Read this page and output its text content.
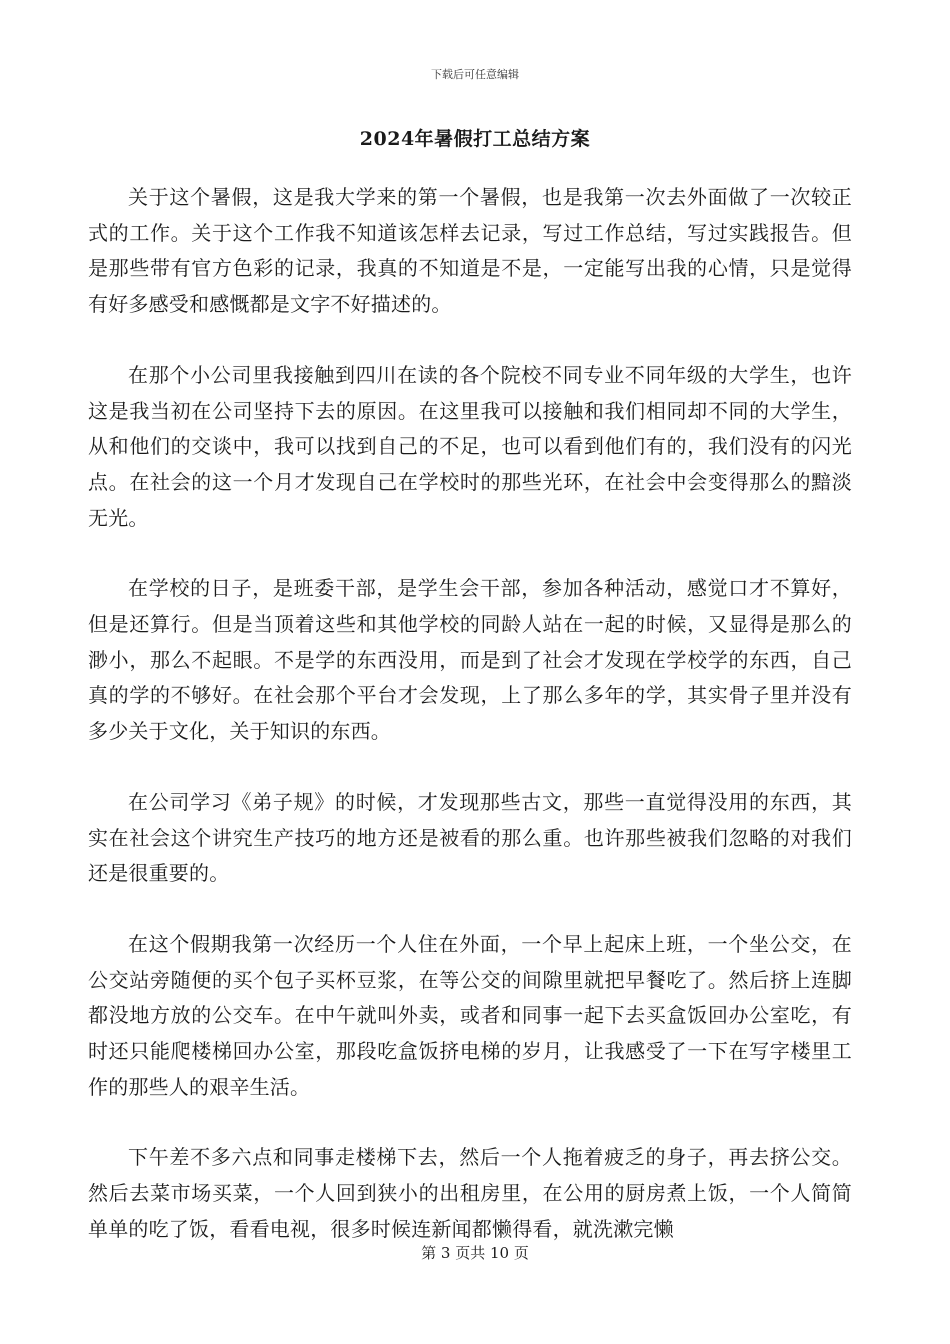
下载后可任意编辑
2024年暑假打工总结方案

关于这个暑假，这是我大学来的第一个暑假，也是我第一次去外面做了一次较正式的工作。关于这个工作我不知道该怎样去记录，写过工作总结，写过实践报告。但是那些带有官方色彩的记录，我真的不知道是不是，一定能写出我的心情，只是觉得有好多感受和感慨都是文字不好描述的。

在那个小公司里我接触到四川在读的各个院校不同专业不同年级的大学生，也许这是我当初在公司坚持下去的原因。在这里我可以接触和我们相同却不同的大学生，从和他们的交谈中，我可以找到自己的不足，也可以看到他们有的，我们没有的闪光点。在社会的这一个月才发现自己在学校时的那些光环，在社会中会变得那么的黯淡无光。

在学校的日子，是班委干部，是学生会干部，参加各种活动，感觉口才不算好，但是还算行。但是当顶着这些和其他学校的同龄人站在一起的时候，又显得是那么的渺小，那么不起眼。不是学的东西没用，而是到了社会才发现在学校学的东西，自己真的学的不够好。在社会那个平台才会发现，上了那么多年的学，其实骨子里并没有多少关于文化，关于知识的东西。

在公司学习《弟子规》的时候，才发现那些古文，那些一直觉得没用的东西，其实在社会这个讲究生产技巧的地方还是被看的那么重。也许那些被我们忽略的对我们还是很重要的。

在这个假期我第一次经历一个人住在外面，一个早上起床上班，一个坐公交，在公交站旁随便的买个包子买杯豆浆，在等公交的间隙里就把早餐吃了。然后挤上连脚都没地方放的公交车。在中午就叫外卖，或者和同事一起下去买盒饭回办公室吃，有时还只能爬楼梯回办公室，那段吃盒饭挤电梯的岁月，让我感受了一下在写字楼里工作的那些人的艰辛生活。

下午差不多六点和同事走楼梯下去，然后一个人拖着疲乏的身子，再去挤公交。然后去菜市场买菜，一个人回到狭小的出租房里，在公用的厨房煮上饭，一个人简简单单的吃了饭，看看电视，很多时候连新闻都懒得看，就洗漱完懒

第 3 页共 10 页
